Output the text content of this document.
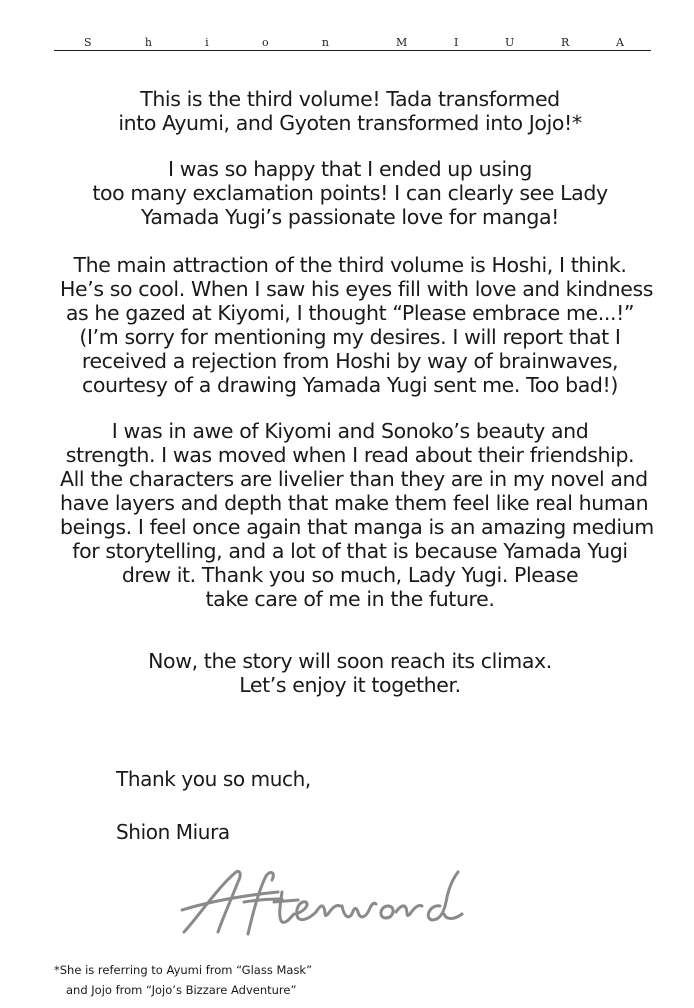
S	h	i	o	n	M	I	U	R	A
This is the third volume! Tada transformed
into Ayumi, and Gyoten transformed into Jojo!*
I was so happy that I ended up using
too many exclamation points! I can clearly see Lady
Yamada Yugi’s passionate love for manga!
The main attraction of the third volume is Hoshi, I think.
He’s so cool. When I saw his eyes fill with love and kindness
as he gazed at Kiyomi, I thought “Please embrace me...!”
(I’m sorry for mentioning my desires. I will report that I
received a rejection from Hoshi by way of brainwaves,
courtesy of a drawing Yamada Yugi sent me. Too bad!)
I was in awe of Kiyomi and Sonoko’s beauty and
strength. I was moved when I read about their friendship.
All the characters are livelier than they are in my novel and
have layers and depth that make them feel like real human
beings. I feel once again that manga is an amazing medium
for storytelling, and a lot of that is because Yamada Yugi
drew it. Thank you so much, Lady Yugi. Please
take care of me in the future.
Now, the story will soon reach its climax.
Let’s enjoy it together.
Thank you so much,
Shion Miura
*She is referring to Ayumi from “Glass Mask”
and Jojo from “Jojo’s Bizzare Adventure”
